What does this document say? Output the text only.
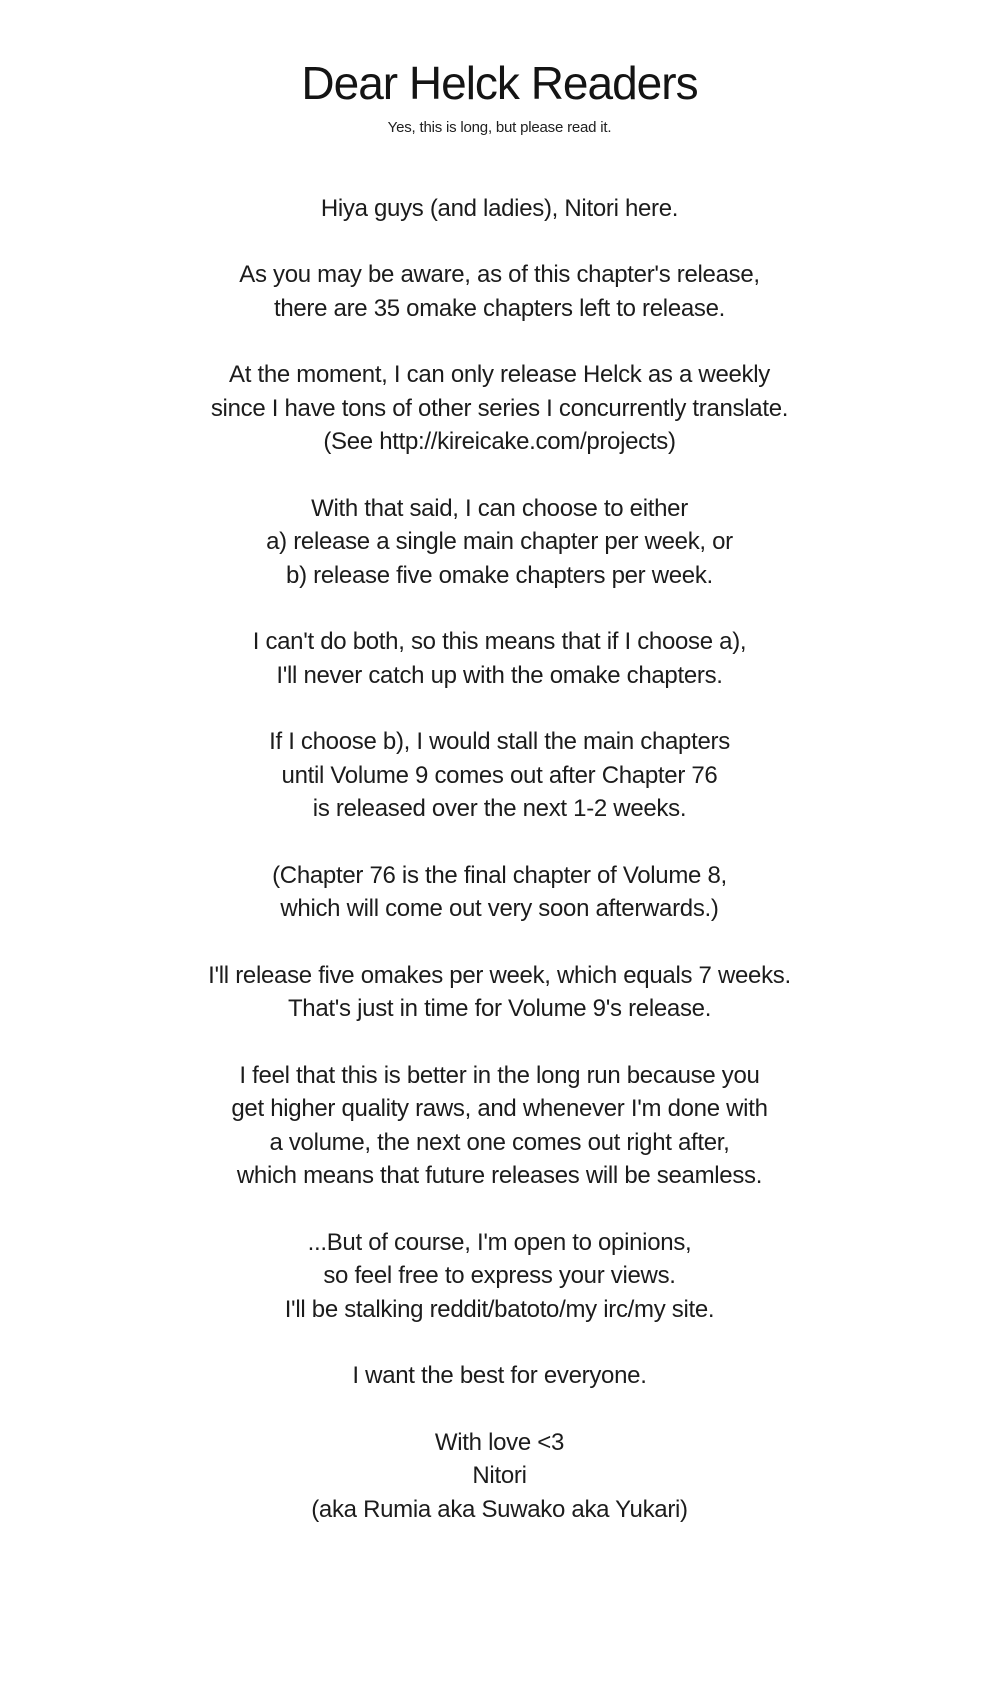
Dear Helck Readers
Yes, this is long, but please read it.
Hiya guys (and ladies), Nitori here.
As you may be aware, as of this chapter's release,
there are 35 omake chapters left to release.
At the moment, I can only release Helck as a weekly
since I have tons of other series I concurrently translate.
(See http://kireicake.com/projects)
With that said, I can choose to either
a) release a single main chapter per week, or
b) release five omake chapters per week.
I can't do both, so this means that if I choose a),
I'll never catch up with the omake chapters.
If I choose b), I would stall the main chapters
until Volume 9 comes out after Chapter 76
is released over the next 1-2 weeks.
(Chapter 76 is the final chapter of Volume 8,
which will come out very soon afterwards.)
I'll release five omakes per week, which equals 7 weeks.
That's just in time for Volume 9's release.
I feel that this is better in the long run because you
get higher quality raws, and whenever I'm done with
a volume, the next one comes out right after,
which means that future releases will be seamless.
...But of course, I'm open to opinions,
so feel free to express your views.
I'll be stalking reddit/batoto/my irc/my site.
I want the best for everyone.
With love <3
Nitori
(aka Rumia aka Suwako aka Yukari)
